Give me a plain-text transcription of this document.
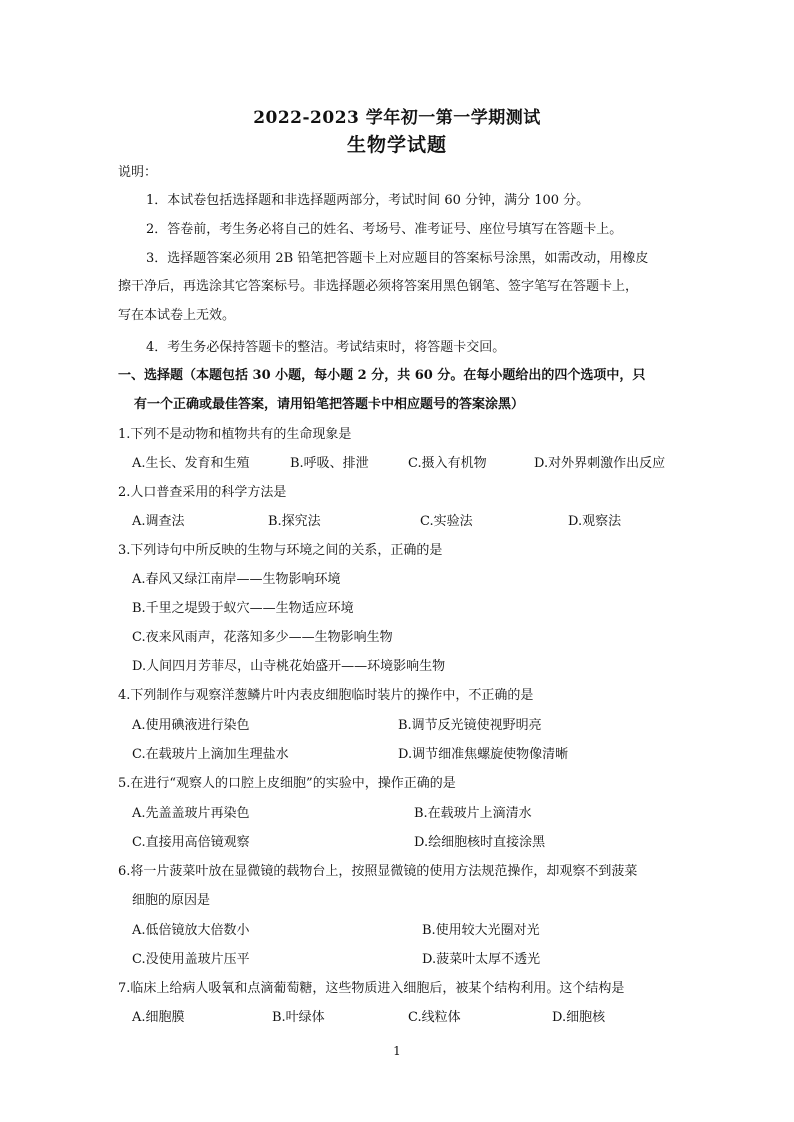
2022-2023 学年初一第一学期测试
生物学试题
说明：
1．本试卷包括选择题和非选择题两部分，考试时间 60 分钟，满分 100 分。
2．答卷前，考生务必将自己的姓名、考场号、准考证号、座位号填写在答题卡上。
3．选择题答案必须用 2B 铅笔把答题卡上对应题目的答案标号涂黑，如需改动，用橡皮
擦干净后，再选涂其它答案标号。非选择题必须将答案用黑色钢笔、签字笔写在答题卡上，
写在本试卷上无效。
4．考生务必保持答题卡的整洁。考试结束时，将答题卡交回。
一、选择题（本题包括 30 小题，每小题 2 分，共 60 分。在每小题给出的四个选项中，只
有一个正确或最佳答案，请用铅笔把答题卡中相应题号的答案涂黑）
1.下列不是动物和植物共有的生命现象是
A.生长、发育和生殖	B.呼吸、排泄	C.摄入有机物	D.对外界刺激作出反应
2.人口普查采用的科学方法是
A.调查法	B.探究法	C.实验法	D.观察法
3.下列诗句中所反映的生物与环境之间的关系，正确的是
A.春风又绿江南岸——生物影响环境
B.千里之堤毁于蚁穴——生物适应环境
C.夜来风雨声，花落知多少——生物影响生物
D.人间四月芳菲尽，山寺桃花始盛开——环境影响生物
4.下列制作与观察洋葱鳞片叶内表皮细胞临时装片的操作中，不正确的是
A.使用碘液进行染色	B.调节反光镜使视野明亮
C.在载玻片上滴加生理盐水	D.调节细准焦螺旋使物像清晰
5.在进行“观察人的口腔上皮细胞”的实验中，操作正确的是
A.先盖盖玻片再染色	B.在载玻片上滴清水
C.直接用高倍镜观察	D.绘细胞核时直接涂黑
6.将一片菠菜叶放在显微镜的载物台上，按照显微镜的使用方法规范操作，却观察不到菠菜
细胞的原因是
A.低倍镜放大倍数小	B.使用较大光圈对光
C.没使用盖玻片压平	D.菠菜叶太厚不透光
7.临床上给病人吸氧和点滴葡萄糖，这些物质进入细胞后，被某个结构利用。这个结构是
A.细胞膜	B.叶绿体	C.线粒体	D.细胞核
1
